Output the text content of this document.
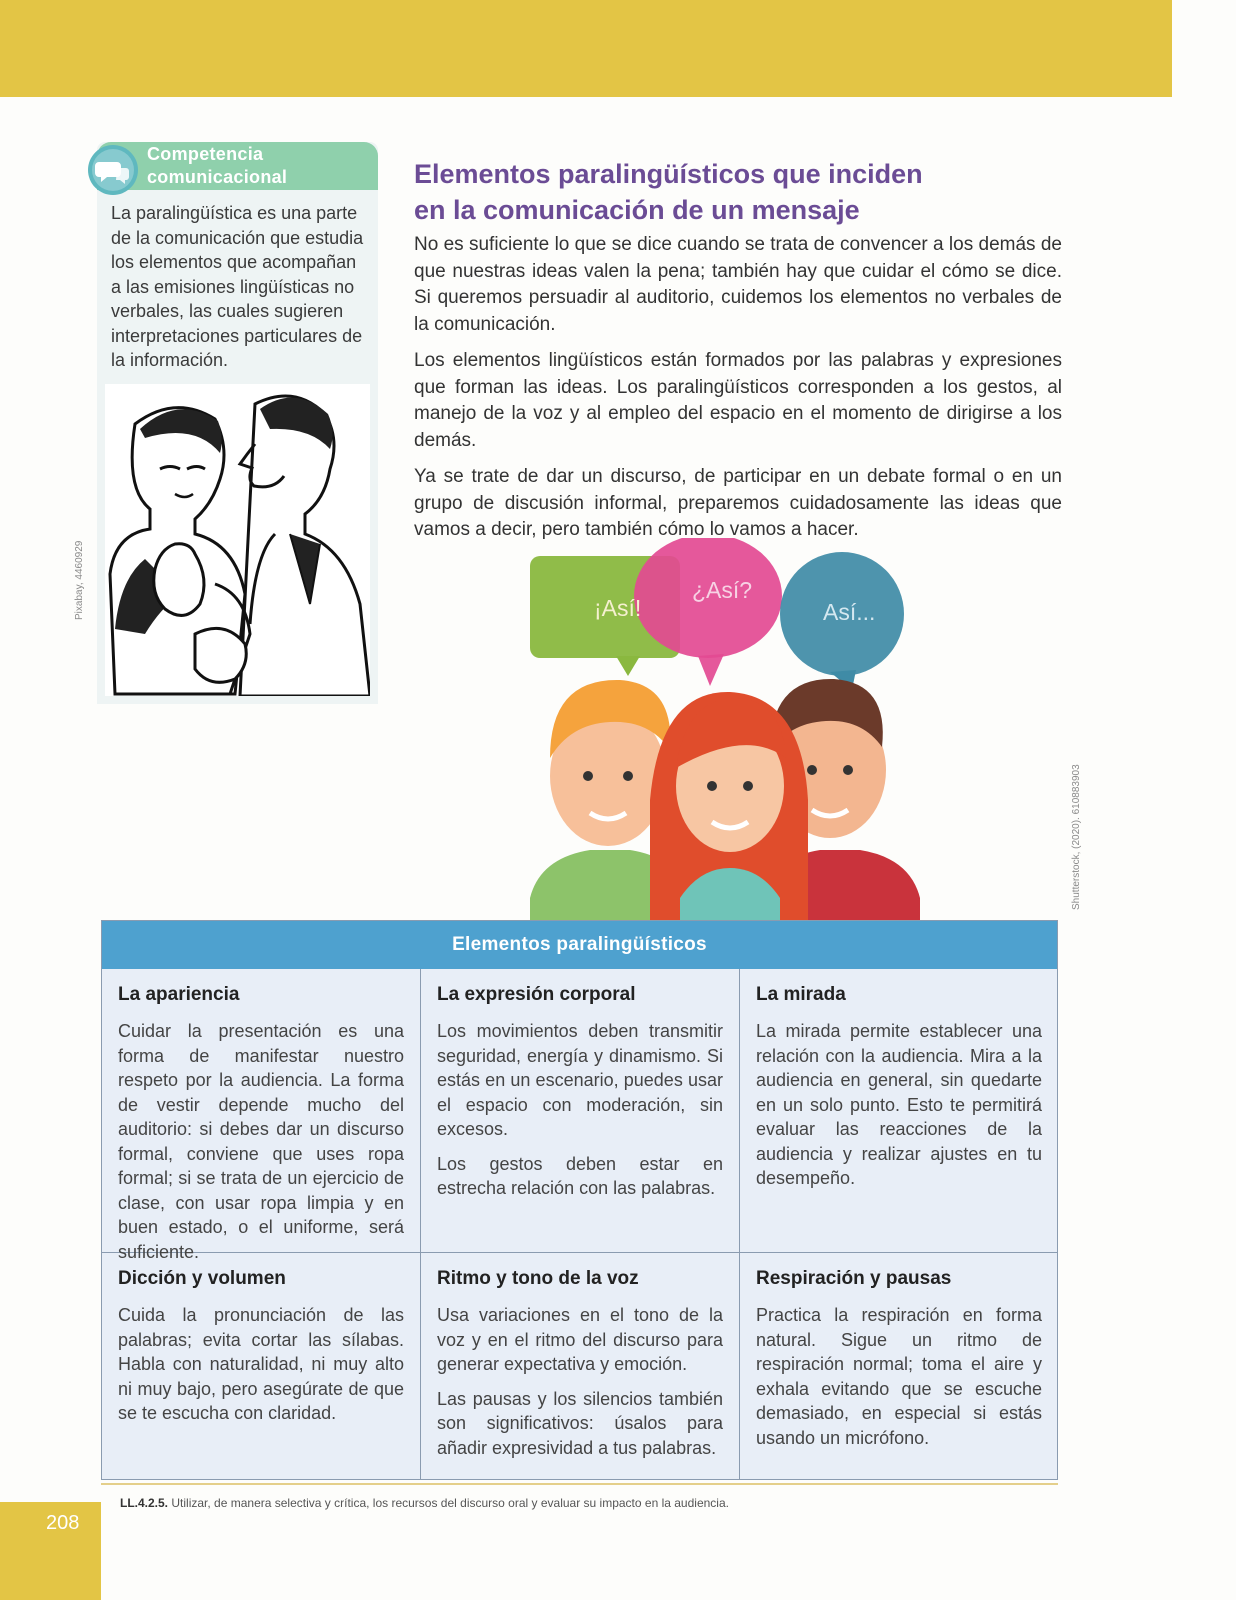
Competencia
comunicacional
La paralingüística es una parte de la comunicación que estudia los elementos que acompañan a las emisiones lingüísticas no verbales, las cuales sugieren interpretaciones particulares de la información.
Pixabay, 4460929
Elementos paralingüísticos que inciden
en la comunicación de un mensaje

No es suficiente lo que se dice cuando se trata de convencer a los demás de que nuestras ideas valen la pena; también hay que cuidar el cómo se dice. Si queremos persuadir al auditorio, cuidemos los elementos no verbales de la comunicación.

Los elementos lingüísticos están formados por las palabras y expresiones que forman las ideas. Los paralingüísticos corresponden a los gestos, al manejo de la voz y al empleo del espacio en el momento de dirigirse a los demás.

Ya se trate de dar un discurso, de participar en un debate formal o en un grupo de discusión informal, preparemos cuidadosamente las ideas que vamos a decir, pero también cómo lo vamos a hacer.

¡Así!
¿Así?
Así...
Shutterstock, (2020). 610883903
Elementos paralingüísticos
La apariencia

Cuidar la presentación es una forma de manifestar nuestro respeto por la audiencia. La forma de vestir depende mucho del auditorio: si debes dar un discurso formal, conviene que uses ropa formal; si se trata de un ejercicio de clase, con usar ropa limpia y en buen estado, o el uniforme, será suficiente.

La expresión corporal

Los movimientos deben transmitir seguridad, energía y dinamismo. Si estás en un escenario, puedes usar el espacio con moderación, sin excesos.

Los gestos deben estar en estrecha relación con las palabras.

La mirada

La mirada permite establecer una relación con la audiencia. Mira a la audiencia en general, sin quedarte en un solo punto. Esto te permitirá evaluar las reacciones de la audiencia y realizar ajustes en tu desempeño.

Dicción y volumen

Cuida la pronunciación de las palabras; evita cortar las sílabas. Habla con naturalidad, ni muy alto ni muy bajo, pero asegúrate de que se te escucha con claridad.

Ritmo y tono de la voz

Usa variaciones en el tono de la voz y en el ritmo del discurso para generar expectativa y emoción.

Las pausas y los silencios también son significativos: úsalos para añadir expresividad a tus palabras.

Respiración y pausas

Practica la respiración en forma natural. Sigue un ritmo de respiración normal; toma el aire y exhala evitando que se escuche demasiado, en especial si estás usando un micrófono.

LL.4.2.5. Utilizar, de manera selectiva y crítica, los recursos del discurso oral y evaluar su impacto en la audiencia.
208
